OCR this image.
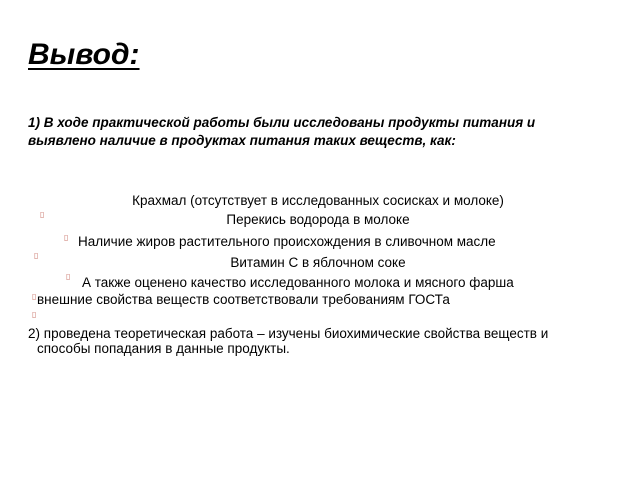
Вывод:
1) В ходе практической работы были исследованы продукты питания и
выявлено наличие в продуктах питания таких веществ, как:
Крахмал (отсутствует в исследованных сосисках и молоке)
▯	Перекись водорода в молоке
▯ Наличие жиров растительного происхождения в сливочном масле
▯	Витамин С в яблочном соке
▯ А также оценено качество исследованного молока и мясного фарша
▯ внешние свойства веществ соответствовали требованиям ГОСТа
▯
2) проведена теоретическая работа – изучены биохимические свойства веществ и
способы попадания в данные продукты.
